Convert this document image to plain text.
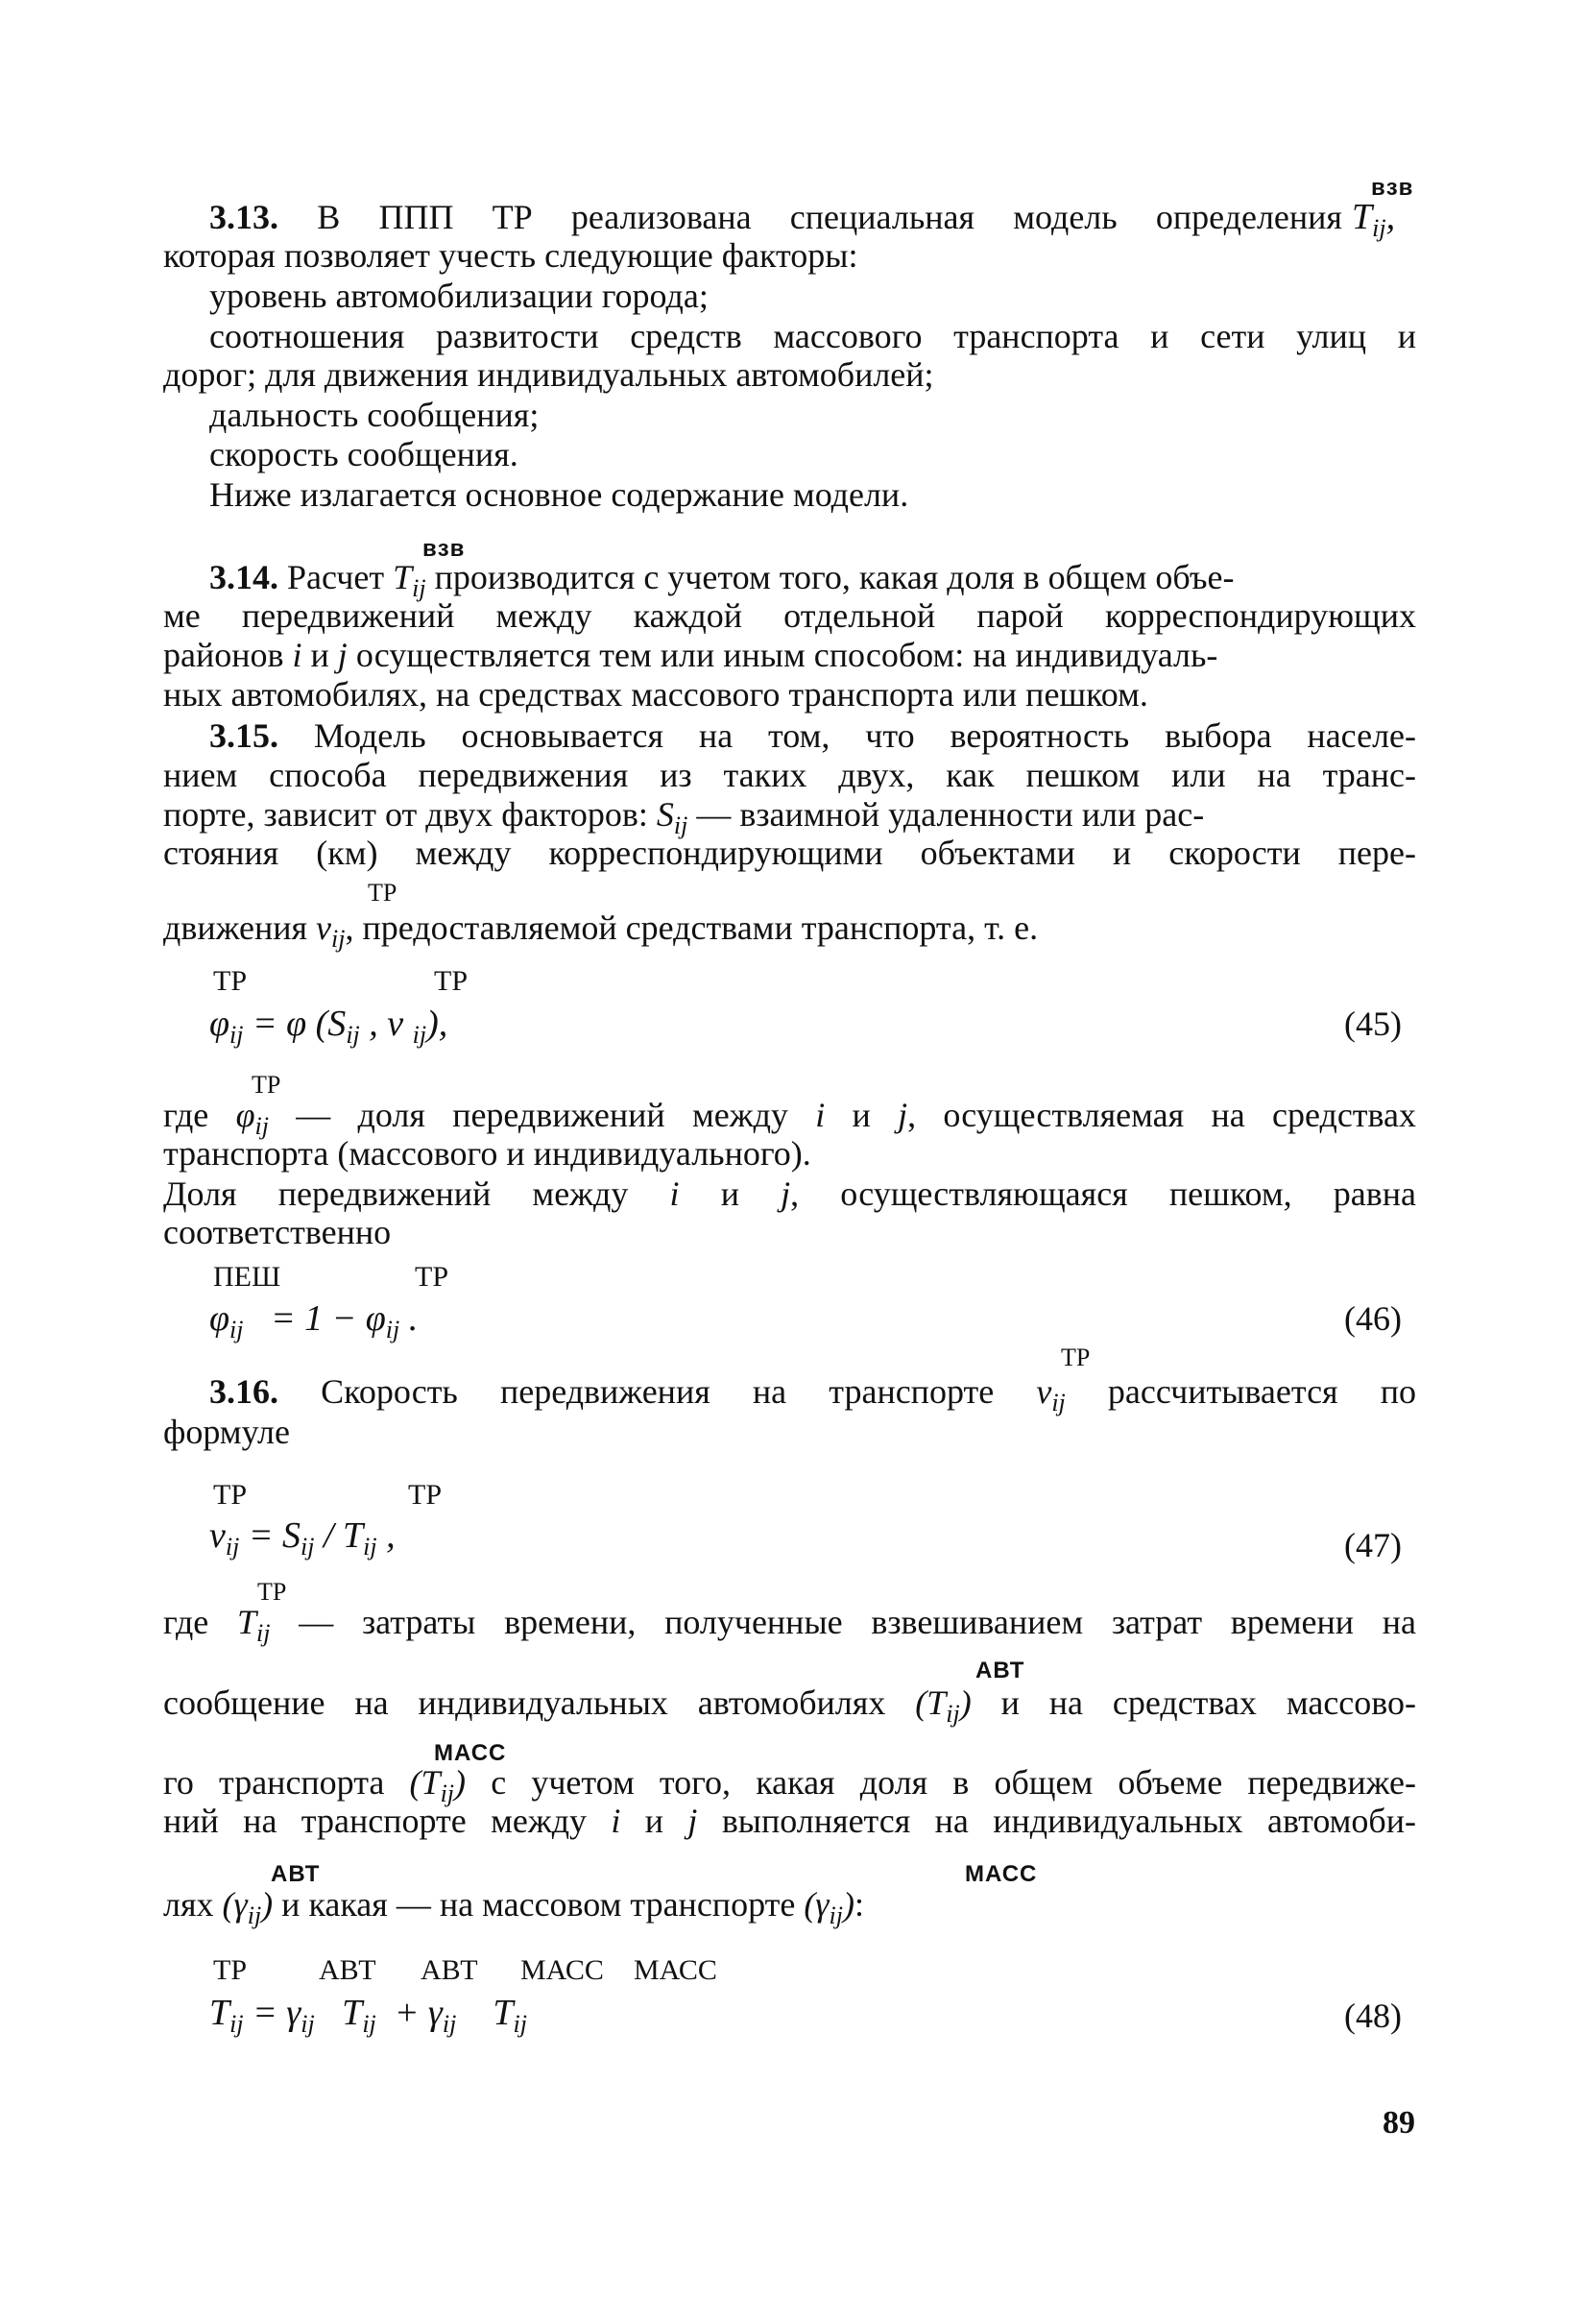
3.13. В ППП ТР реализована специальная модель определения $T_{ij}$,
взв
которая позволяет учесть следующие факторы:
уровень автомобилизации города;
соотношения развитости средств массового транспорта и сети улиц и
дорог; для движения индивидуальных автомобилей;
дальность сообщения;
скорость сообщения.
Ниже излагается основное содержание модели.
взв
3.14. Расчет $T_{ij}$ производится с учетом того, какая доля в общем объе-
ме передвижений между каждой отдельной парой корреспондирующих
районов i и j осуществляется тем или иным способом: на индивидуаль-
ных автомобилях, на средствах массового транспорта или пешком.
3.15. Модель основывается на том, что вероятность выбора населе-
нием способа передвижения из таких двух, как пешком или на транс-
порте, зависит от двух факторов: $S_{ij}$ — взаимной удаленности или рас-
стояния (км) между корреспондирующими объектами и скорости пере-
ТР
движения $v_{ij}$, предоставляемой средствами транспорта, т. е.
ТР	ТР
$\varphi_{ij} = \varphi$ ($S_{ij}$ , v $_{ij}$),	(45)
ТР
где $\varphi_{ij}$ — доля передвижений между i и j, осуществляемая на средствах
транспорта (массового и индивидуального).
Доля передвижений между i и j, осуществляющаяся пешком, равна
соответственно
ПЕШ	ТР
$\varphi_{ij} = 1 - \varphi_{ij}$ .	(46)
ТР
3.16. Скорость передвижения на транспорте $v_{ij}$ рассчитывается по
формуле
ТР	ТР
$v_{ij} = S_{ij} / T_{ij}$ ,	(47)
ТР
где $T_{ij}$ — затраты времени, полученные взвешиванием затрат времени на
АВТ
сообщение на индивидуальных автомобилях $(T_{ij})$ и на средствах массово-
МАСС
го транспорта $(T_{ij})$ с учетом того, какая доля в общем объеме передвиже-
ний на транспорте между i и j выполняется на индивидуальных автомоби-
АВТ	МАСС
лях $(\gamma_{ij})$ и какая — на массовом транспорте $(\gamma_{ij})$:
ТР АВТ АВТ МАСС МАСС
$T_{ij} = \gamma_{ij}$   $T_{ij} + \gamma_{ij}$    $T_{ij}$	(48)
89
